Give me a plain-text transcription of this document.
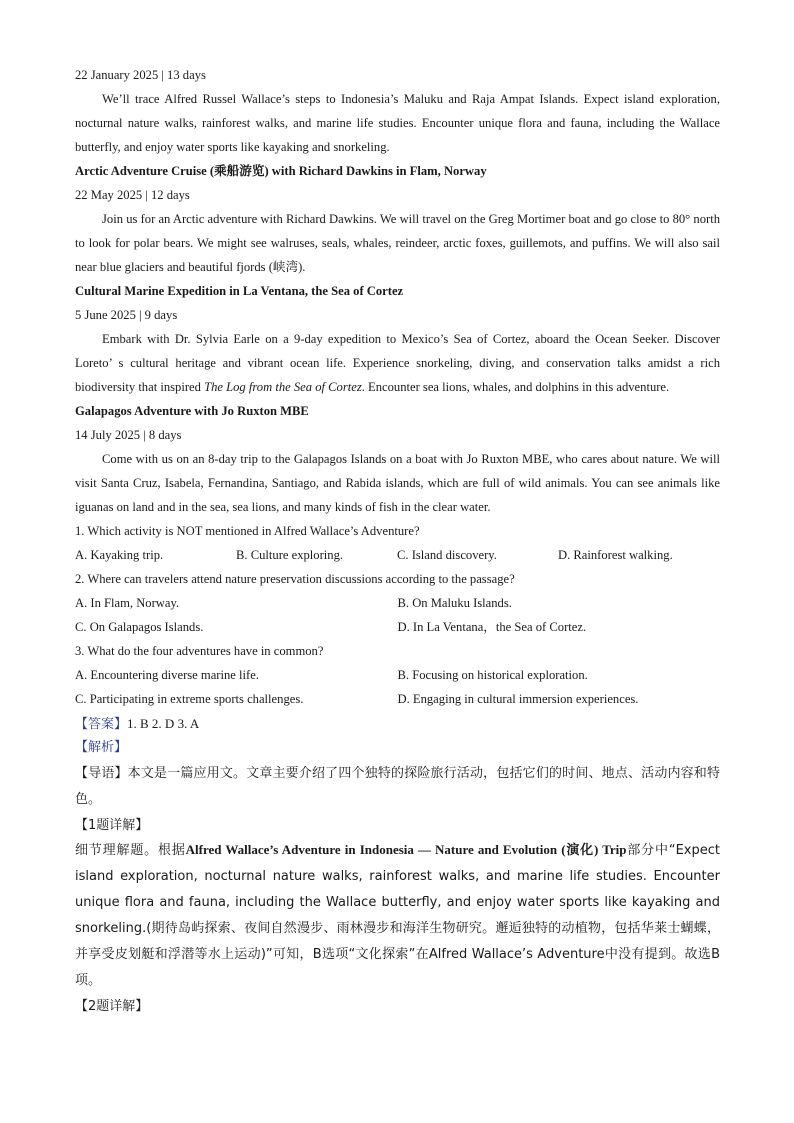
22 January 2025 | 13 days
We’ll trace Alfred Russel Wallace’s steps to Indonesia’s Maluku and Raja Ampat Islands. Expect island exploration, nocturnal nature walks, rainforest walks, and marine life studies. Encounter unique flora and fauna, including the Wallace butterfly, and enjoy water sports like kayaking and snorkeling.
Arctic Adventure Cruise (乘船游览) with Richard Dawkins in Flam, Norway
22 May 2025 | 12 days
Join us for an Arctic adventure with Richard Dawkins. We will travel on the Greg Mortimer boat and go close to 80° north to look for polar bears. We might see walruses, seals, whales, reindeer, arctic foxes, guillemots, and puffins. We will also sail near blue glaciers and beautiful fjords (峡湾).
Cultural Marine Expedition in La Ventana, the Sea of Cortez
5 June 2025 | 9 days
Embark with Dr. Sylvia Earle on a 9-day expedition to Mexico’s Sea of Cortez, aboard the Ocean Seeker. Discover Loreto’ s cultural heritage and vibrant ocean life. Experience snorkeling, diving, and conservation talks amidst a rich biodiversity that inspired The Log from the Sea of Cortez. Encounter sea lions, whales, and dolphins in this adventure.
Galapagos Adventure with Jo Ruxton MBE
14 July 2025 | 8 days
Come with us on an 8-day trip to the Galapagos Islands on a boat with Jo Ruxton MBE, who cares about nature. We will visit Santa Cruz, Isabela, Fernandina, Santiago, and Rabida islands, which are full of wild animals. You can see animals like iguanas on land and in the sea, sea lions, and many kinds of fish in the clear water.
1. Which activity is NOT mentioned in Alfred Wallace’s Adventure?
A. Kayaking trip.	B. Culture exploring.	C. Island discovery.	D. Rainforest walking.
2. Where can travelers attend nature preservation discussions according to the passage?
A. In Flam, Norway.	B. On Maluku Islands.
C. On Galapagos Islands.	D. In La Ventana，the Sea of Cortez.
3. What do the four adventures have in common?
A. Encountering diverse marine life.	B. Focusing on historical exploration.
C. Participating in extreme sports challenges.	D. Engaging in cultural immersion experiences.
【答案】1. B 2. D 3. A
【解析】
【导语】本文是一篇应用文。文章主要介绍了四个独特的探险旅行活动，包括它们的时间、地点、活动内容和特色。
【1题详解】
细节理解题。根据Alfred Wallace’s Adventure in Indonesia — Nature and Evolution (演化) Trip部分中“Expect island exploration, nocturnal nature walks, rainforest walks, and marine life studies. Encounter unique flora and fauna, including the Wallace butterfly, and enjoy water sports like kayaking and snorkeling.(期待岛屿探索、夜间自然漫步、雨林漫步和海洋生物研究。邂逅独特的动植物，包括华莱士蝴蝶，并享受皮划艇和浮潜等水上运动)”可知，B选项“文化探索”在Alfred Wallace’s Adventure中没有提到。故选B项。
【2题详解】
